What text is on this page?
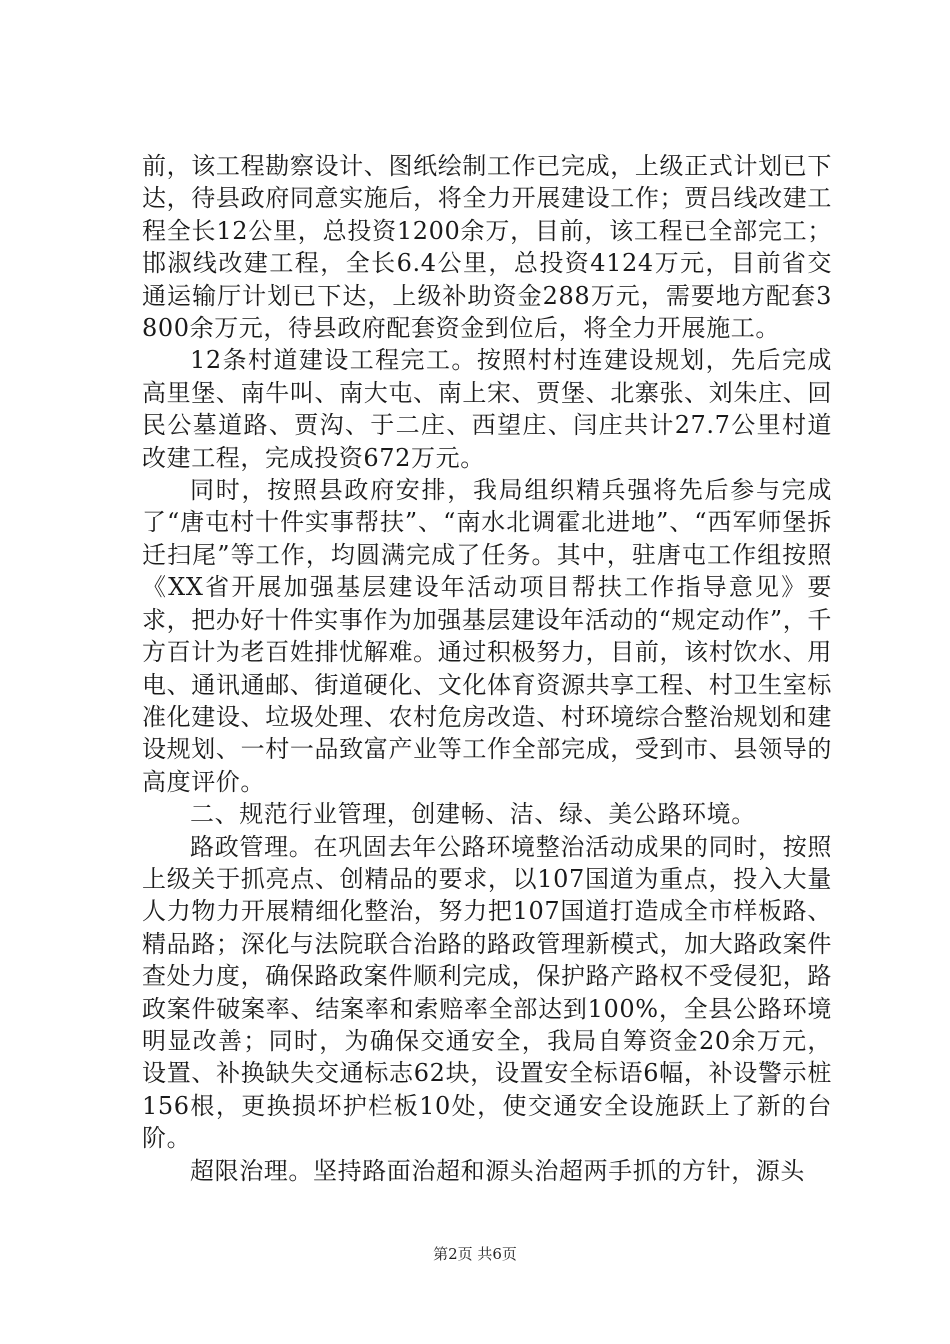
前，该工程勘察设计、图纸绘制工作已完成，上级正式计划已下达，待县政府同意实施后，将全力开展建设工作；贾吕线改建工程全长12公里，总投资1200余万，目前，该工程已全部完工；邯淑线改建工程，全长6.4公里，总投资4124万元，目前省交通运输厅计划已下达，上级补助资金288万元，需要地方配套3800余万元，待县政府配套资金到位后，将全力开展施工。

12条村道建设工程完工。按照村村连建设规划，先后完成高里堡、南牛叫、南大屯、南上宋、贾堡、北寨张、刘朱庄、回民公墓道路、贾沟、于二庄、西望庄、闫庄共计27.7公里村道改建工程，完成投资672万元。

同时，按照县政府安排，我局组织精兵强将先后参与完成了“唐屯村十件实事帮扶”、“南水北调霍北进地”、“西军师堡拆迁扫尾”等工作，均圆满完成了任务。其中，驻唐屯工作组按照《XX省开展加强基层建设年活动项目帮扶工作指导意见》要求，把办好十件实事作为加强基层建设年活动的“规定动作”，千方百计为老百姓排忧解难。通过积极努力，目前，该村饮水、用电、通讯通邮、街道硬化、文化体育资源共享工程、村卫生室标准化建设、垃圾处理、农村危房改造、村环境综合整治规划和建设规划、一村一品致富产业等工作全部完成，受到市、县领导的高度评价。

二、规范行业管理，创建畅、洁、绿、美公路环境。

路政管理。在巩固去年公路环境整治活动成果的同时，按照上级关于抓亮点、创精品的要求，以107国道为重点，投入大量人力物力开展精细化整治，努力把107国道打造成全市样板路、精品路；深化与法院联合治路的路政管理新模式，加大路政案件查处力度，确保路政案件顺利完成，保护路产路权不受侵犯，路政案件破案率、结案率和索赔率全部达到100%，全县公路环境明显改善；同时，为确保交通安全，我局自筹资金20余万元，设置、补换缺失交通标志62块，设置安全标语6幅，补设警示桩156根，更换损坏护栏板10处，使交通安全设施跃上了新的台阶。

超限治理。坚持路面治超和源头治超两手抓的方针，源头

第2页 共6页
